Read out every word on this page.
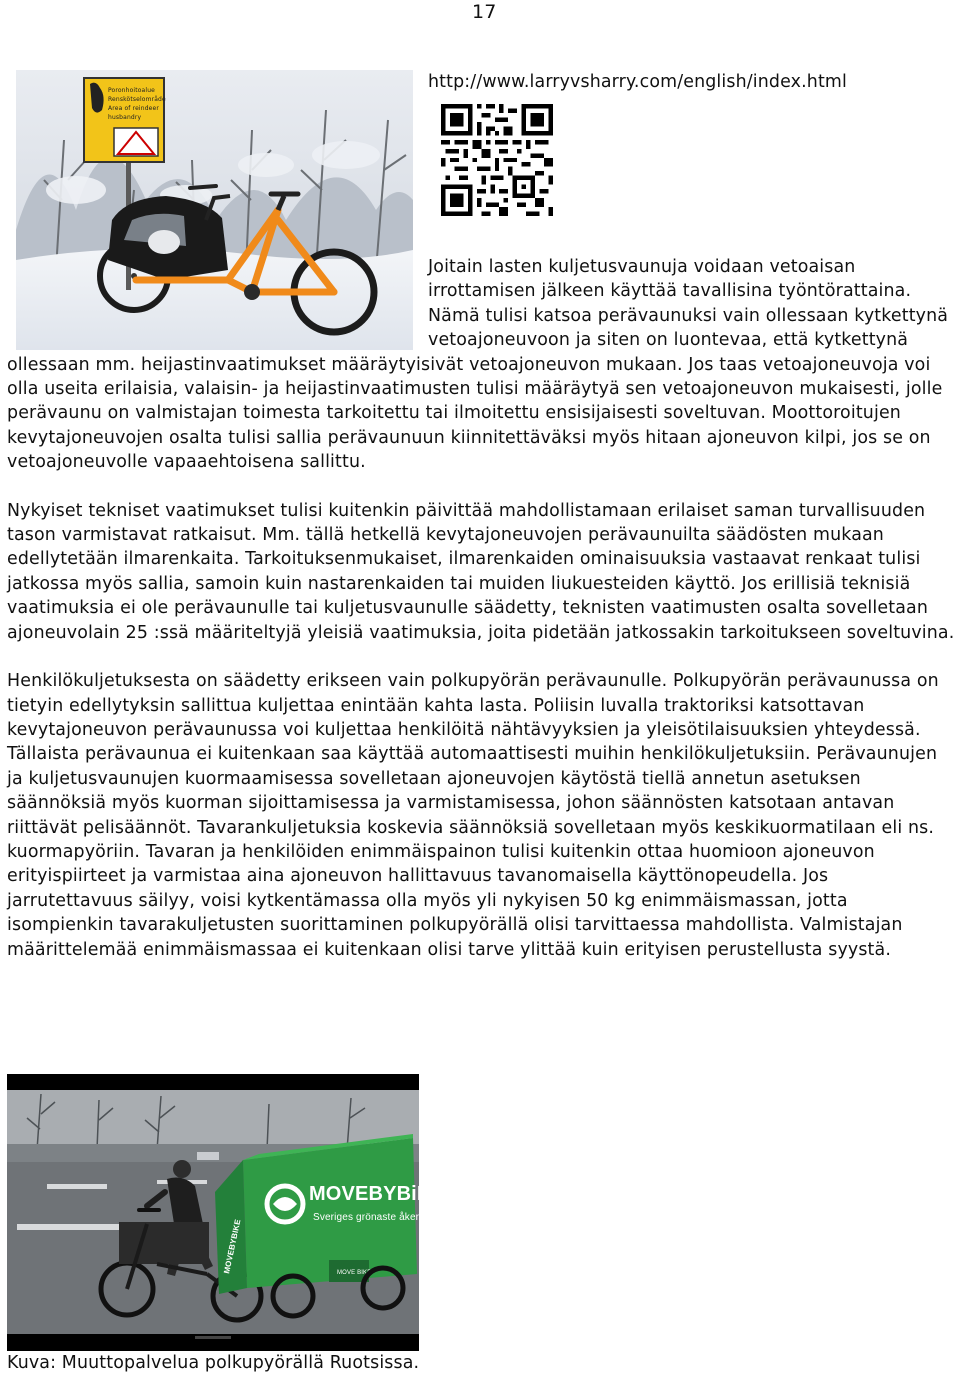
17
Poronhoitoalue
Renskötselområde
Area of reindeer
husbandry
http://www.larryvsharry.com/english/index.html

Joitain lasten kuljetusvaunuja voidaan vetoaisan irrottamisen jälkeen käyttää tavallisina työntörattaina. Nämä tulisi katsoa perävaunuksi vain ollessaan kytkettynä vetoajoneuvoon ja siten on luontevaa, että kytkettynä ollessaan mm. heijastinvaatimukset määräytyisivät vetoajoneuvon mukaan. Jos taas vetoajoneuvoja voi olla useita erilaisia, valaisin- ja heijastinvaatimusten tulisi määräytyä sen vetoajoneuvon mukaisesti, jolle perävaunu on valmistajan toimesta tarkoitettu tai ilmoitettu ensisijaisesti soveltuvan. Moottoroitujen kevytajoneuvojen osalta tulisi sallia perävaunuun kiinnitettäväksi myös hitaan ajoneuvon kilpi, jos se on vetoajoneuvolle vapaaehtoisena sallittu.

Nykyiset tekniset vaatimukset tulisi kuitenkin päivittää mahdollistamaan erilaiset saman turvallisuuden tason varmistavat ratkaisut. Mm. tällä hetkellä kevytajoneuvojen perävaunuilta säädösten mukaan edellytetään ilmarenkaita. Tarkoituksenmukaiset, ilmarenkaiden ominaisuuksia vastaavat renkaat tulisi jatkossa myös sallia, samoin kuin nastarenkaiden tai muiden liukuesteiden käyttö. Jos erillisiä teknisiä vaatimuksia ei ole perävaunulle tai kuljetusvaunulle säädetty, teknisten vaatimusten osalta sovelletaan ajoneuvolain 25 :ssä määriteltyjä yleisiä vaatimuksia, joita pidetään jatkossakin tarkoitukseen soveltuvina.

Henkilökuljetuksesta on säädetty erikseen vain polkupyörän perävaunulle. Polkupyörän perävaunussa on tietyin edellytyksin sallittua kuljettaa enintään kahta lasta. Poliisin luvalla traktoriksi katsottavan kevytajoneuvon perävaunussa voi kuljettaa henkilöitä nähtävyyksien ja yleisötilaisuuksien yhteydessä. Tällaista perävaunua ei kuitenkaan saa käyttää automaattisesti muihin henkilökuljetuksiin. Perävaunujen ja kuljetusvaunujen kuormaamisessa sovelletaan ajoneuvojen käytöstä tiellä annetun asetuksen säännöksiä myös kuorman sijoittamisessa ja varmistamisessa, johon säännösten katsotaan antavan riittävät pelisäännöt. Tavarankuljetuksia koskevia säännöksiä sovelletaan myös keskikuormatilaan eli ns. kuormapyöriin. Tavaran ja henkilöiden enimmäispainon tulisi kuitenkin ottaa huomioon ajoneuvon erityispiirteet ja varmistaa aina ajoneuvon hallittavuus tavanomaisella käyttönopeudella. Jos jarrutettavuus säilyy, voisi kytkentämassa olla myös yli nykyisen 50 kg enimmäismassan, jotta isompienkin tavarakuljetusten suorittaminen polkupyörällä olisi tarvittaessa mahdollista. Valmistajan määrittelemää enimmäismassaa ei kuitenkaan olisi tarve ylittää kuin erityisen perustellusta syystä.

MOVEBYBiKE
Sveriges grönaste åkeri
MOVEBYBIKE	MOVE BIKE
Kuva: Muuttopalvelua polkupyörällä Ruotsissa.
